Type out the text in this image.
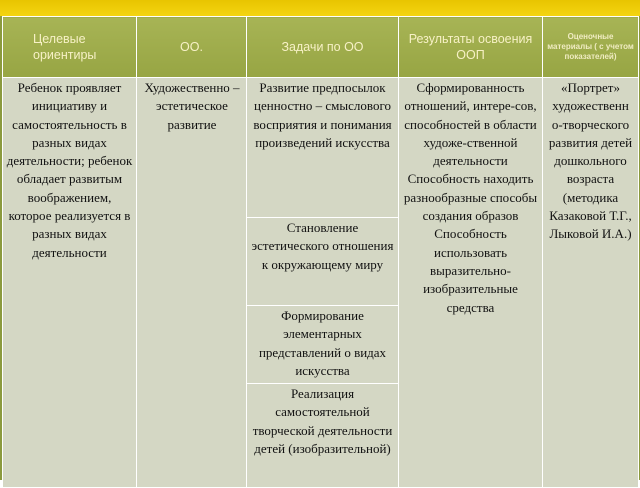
Целевые ориентиры	ОО.	Задачи по ОО	Результаты освоения ООП	Оценочные материалы ( с учетом показателей)
Ребенок проявляет инициативу и самостоятельность в разных видах деятельности; ребенок обладает развитым воображением, которое реализуется в разных видах деятельности	Художественно – эстетическое развитие	Развитие предпосылок ценностно – смыслового восприятия и понимания произведений искусства	Сформированность отношений, интере-сов, способностей в области художе-ственной деятельности Способность находить разнообразные способы создания образов Способность использовать выразительно-изобразительные средства	«Портрет» художественн о-творческого развития детей дошкольного возраста (методика Казаковой Т.Г., Лыковой И.А.)
		Становление эстетического отношения к окружающему миру		
		Формирование элементарных представлений о видах искусства		
		Реализация самостоятельной творческой деятельности детей (изобразительной)		
